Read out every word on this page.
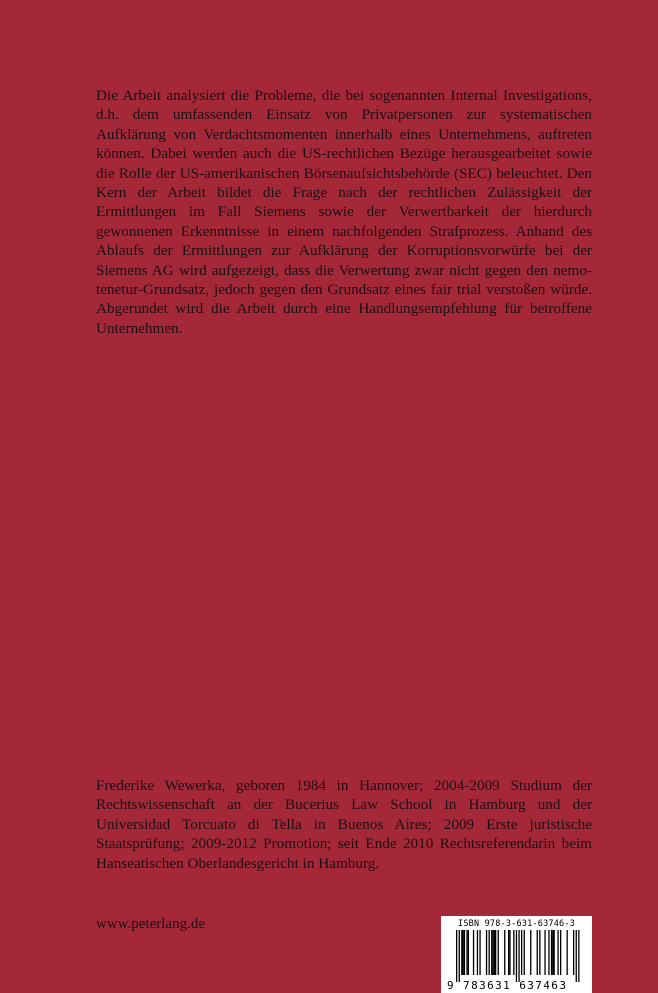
Die Arbeit analysiert die Probleme, die bei sogenannten Internal Investigations, d.h. dem umfassenden Einsatz von Privatpersonen zur systematischen Aufklärung von Verdachtsmomenten innerhalb eines Unternehmens, auftreten können. Dabei werden auch die US-rechtlichen Bezüge herausgearbeitet sowie die Rolle der US-amerikanischen Börsenaufsichtsbehörde (SEC) beleuchtet. Den Kern der Arbeit bildet die Frage nach der rechtlichen Zulässigkeit der Ermittlungen im Fall Siemens sowie der Verwertbarkeit der hierdurch gewonnenen Erkenntnisse in einem nachfolgenden Strafprozess. Anhand des Ablaufs der Ermittlungen zur Aufklärung der Korruptionsvorwürfe bei der Siemens AG wird aufgezeigt, dass die Verwertung zwar nicht gegen den nemo-tenetur-Grundsatz, jedoch gegen den Grundsatz eines fair trial verstoßen würde. Abgerundet wird die Arbeit durch eine Handlungsempfehlung für betroffene Unternehmen.

Frederike Wewerka, geboren 1984 in Hannover; 2004-2009 Studium der Rechtswissenschaft an der Bucerius Law School in Hamburg und der Universidad Torcuato di Tella in Buenos Aires; 2009 Erste juristische Staatsprüfung; 2009-2012 Promotion; seit Ende 2010 Rechtsreferendarin beim Hanseatischen Oberlandesgericht in Hamburg.

www.peterlang.de	ISBN 978-3-631-63746-3
9 783631 637463
